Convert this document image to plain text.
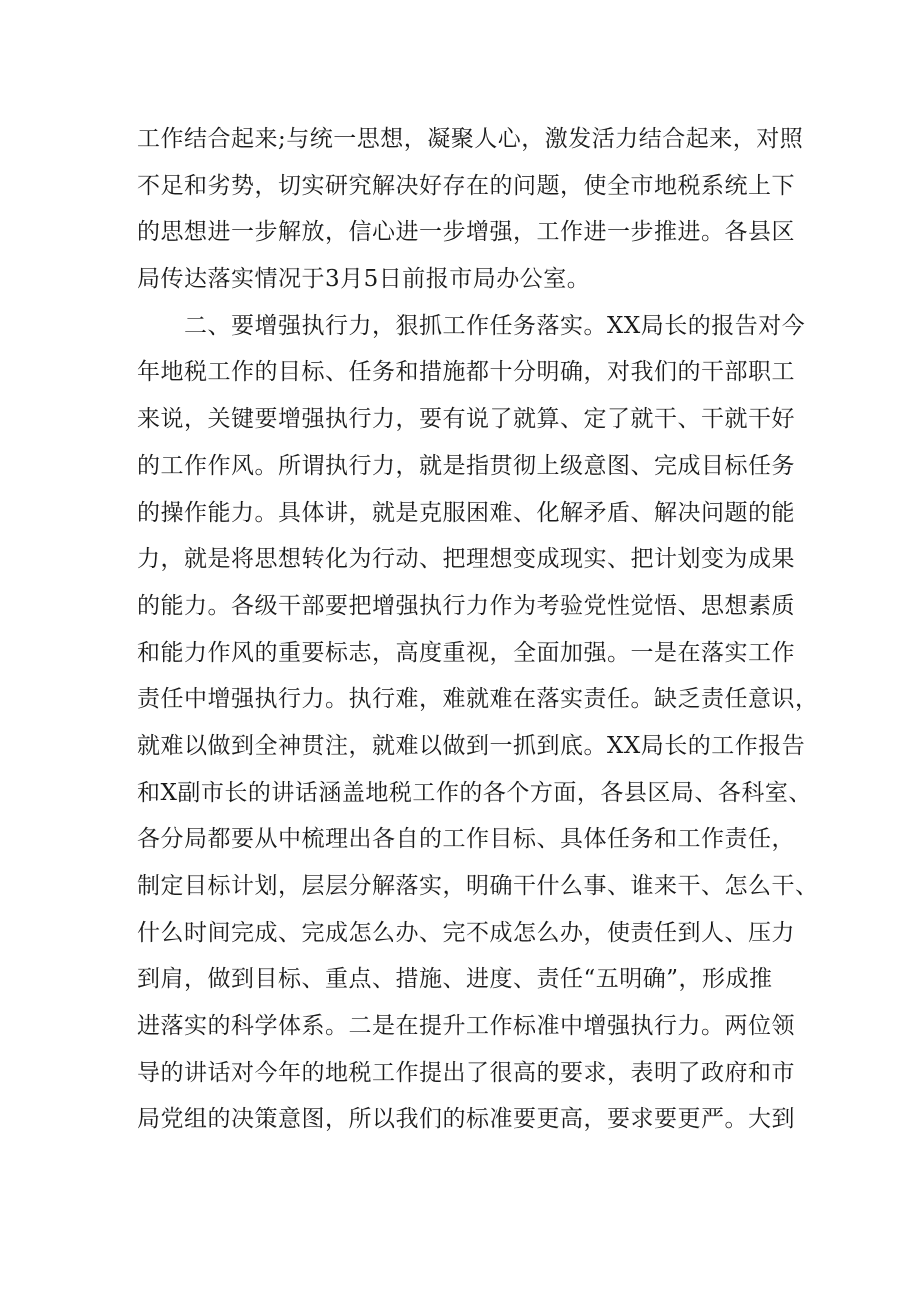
工作结合起来;与统一思想，凝聚人心，激发活力结合起来，对照
不足和劣势，切实研究解决好存在的问题，使全市地税系统上下
的思想进一步解放，信心进一步增强，工作进一步推进。各县区
局传达落实情况于3月5日前报市局办公室。
二、要增强执行力，狠抓工作任务落实。XX局长的报告对今
年地税工作的目标、任务和措施都十分明确，对我们的干部职工
来说，关键要增强执行力，要有说了就算、定了就干、干就干好
的工作作风。所谓执行力，就是指贯彻上级意图、完成目标任务
的操作能力。具体讲，就是克服困难、化解矛盾、解决问题的能
力，就是将思想转化为行动、把理想变成现实、把计划变为成果
的能力。各级干部要把增强执行力作为考验党性觉悟、思想素质
和能力作风的重要标志，高度重视，全面加强。一是在落实工作
责任中增强执行力。执行难，难就难在落实责任。缺乏责任意识，
就难以做到全神贯注，就难以做到一抓到底。XX局长的工作报告
和X副市长的讲话涵盖地税工作的各个方面，各县区局、各科室、
各分局都要从中梳理出各自的工作目标、具体任务和工作责任，
制定目标计划，层层分解落实，明确干什么事、谁来干、怎么干、
什么时间完成、完成怎么办、完不成怎么办，使责任到人、压力
到肩，做到目标、重点、措施、进度、责任“五明确”，形成推
进落实的科学体系。二是在提升工作标准中增强执行力。两位领
导的讲话对今年的地税工作提出了很高的要求，表明了政府和市
局党组的决策意图，所以我们的标准要更高，要求要更严。大到
